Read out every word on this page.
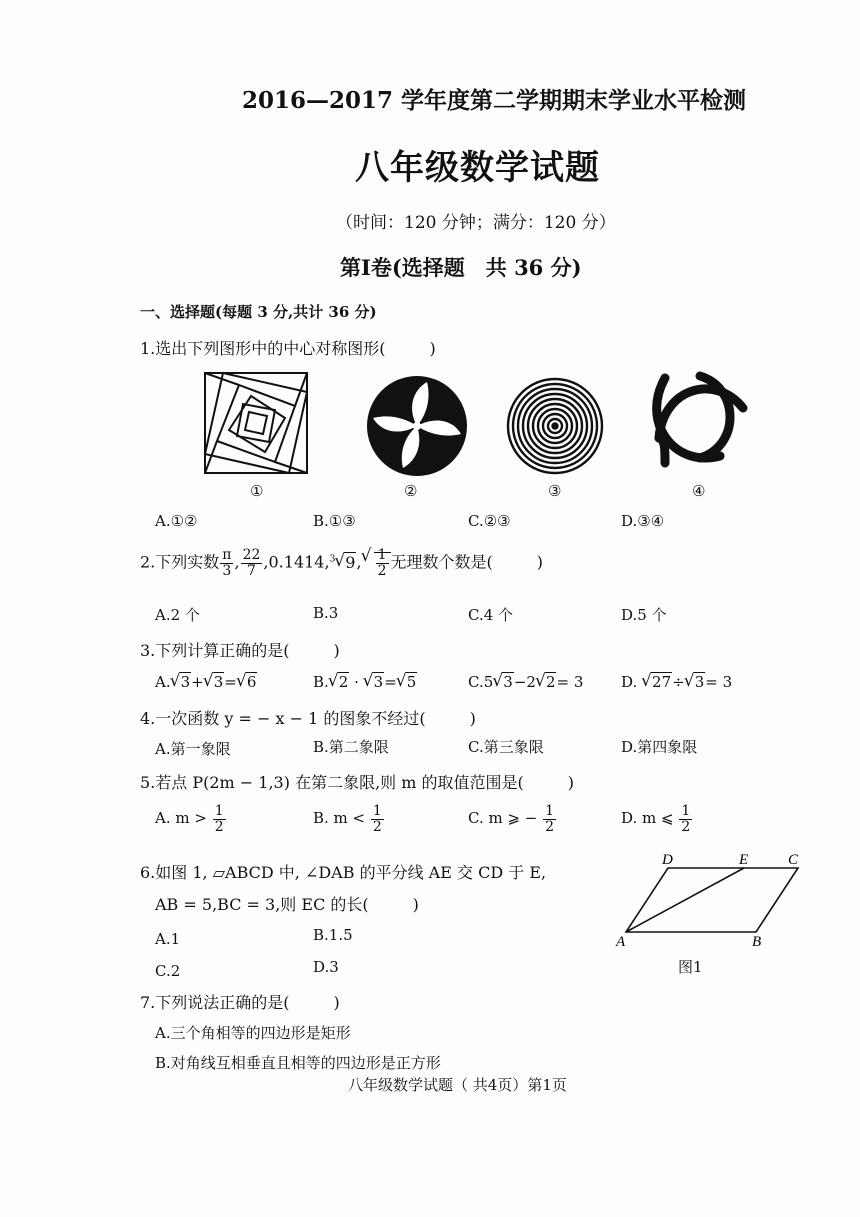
2016—2017 学年度第二学期期末学业水平检测
八年级数学试题
（时间：120 分钟；满分：120 分）
第Ⅰ卷(选择题　共 36 分)
一、选择题(每题 3 分,共计 36 分)
1.选出下列图形中的中心对称图形(	)
①	②	③	④
A.①②	B.①③	C.②③	D.③④
2.下列实数 $\frac{\pi}{3}$ , $\frac{22}{7} ,0.1414,^3√$ 9,
√ $\frac{1}{2}$ 无理数个数是(	)
A.2 个	B.3	C.4 个	D.5 个
3.下列计算正确的是(	)
A.√ 3+√ 3=√ 6	B.√ 2 · √ 3=√ 5	C.5√ 3−2√ 2= 3	D. √ 27÷√ 3= 3
4.一次函数 y = − x − 1 的图象不经过(	)
A.第一象限	B.第二象限	C.第三象限	D.第四象限
5.若点 P(2m − 1,3) 在第二象限,则 m 的取值范围是(	)
A. $m > \frac{1}{2}$	B. $m < \frac{1}{2}$	C. m ⩾ − $\frac{1}{2}$	D. m ⩽ $\frac{1}{2}$
6.如图 1, ▱ABCD 中, ∠DAB 的平分线 AE 交 CD 于 E,
AB = 5,BC = 3,则 EC 的长(	)
A.1	B.1.5
C.2	D.3
D	E	C
A	B
图1
7.下列说法正确的是(	)
A.三个角相等的四边形是矩形
B.对角线互相垂直且相等的四边形是正方形
八年级数学试题（ 共4页）第1页
